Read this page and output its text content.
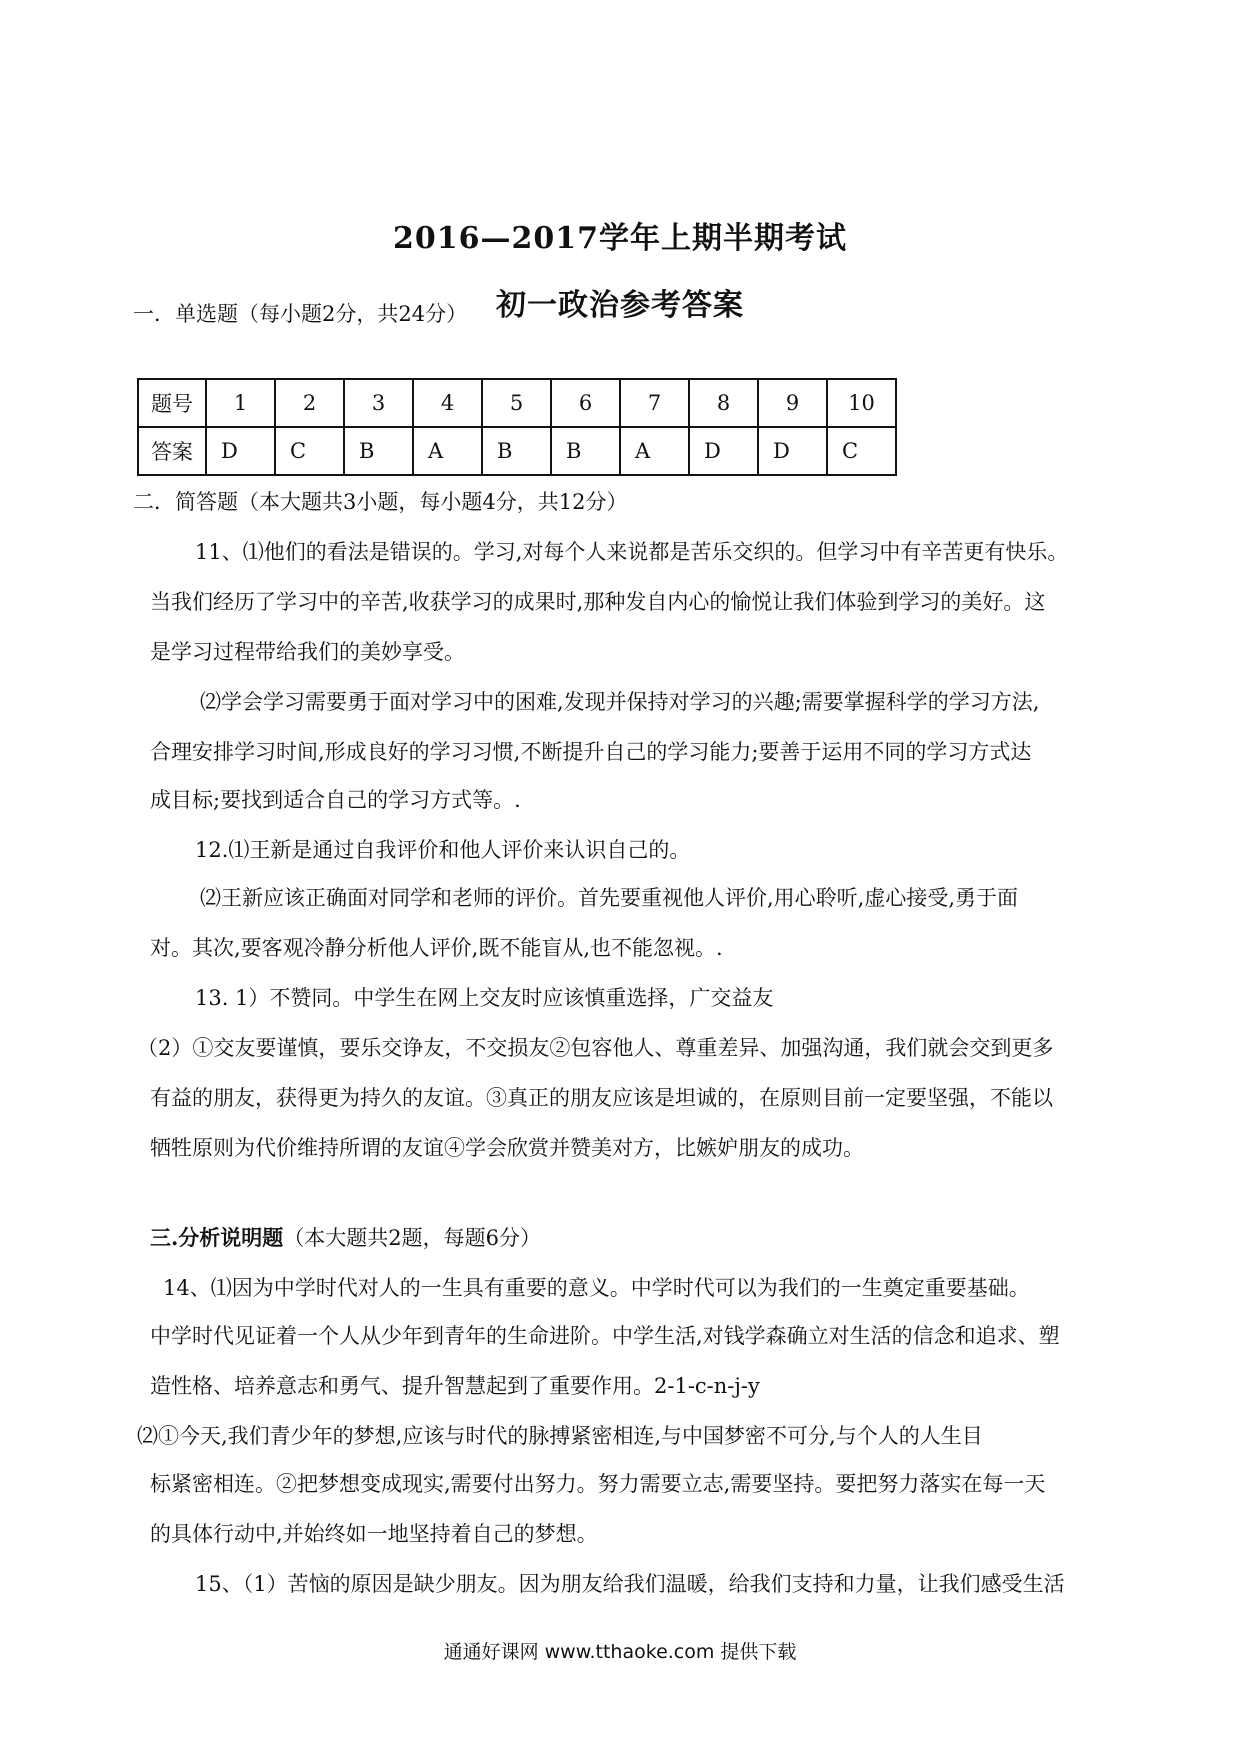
2016—2017学年上期半期考试
初一政治参考答案
一．单选题（每小题2分，共24分）
题号	1	2	3	4	5	6	7	8	9	10
答案	D	C	B	A	B	B	A	D	D	C
二．简答题（本大题共3小题，每小题4分，共12分）
11、⑴他们的看法是错误的。学习,对每个人来说都是苦乐交织的。但学习中有辛苦更有快乐。
当我们经历了学习中的辛苦,收获学习的成果时,那种发自内心的愉悦让我们体验到学习的美好。这
是学习过程带给我们的美妙享受。
⑵学会学习需要勇于面对学习中的困难,发现并保持对学习的兴趣;需要掌握科学的学习方法,
合理安排学习时间,形成良好的学习习惯,不断提升自己的学习能力;要善于运用不同的学习方式达
成目标;要找到适合自己的学习方式等。.
12.⑴王新是通过自我评价和他人评价来认识自己的。
⑵王新应该正确面对同学和老师的评价。首先要重视他人评价,用心聆听,虚心接受,勇于面
对。其次,要客观冷静分析他人评价,既不能盲从,也不能忽视。.
13. 1）不赞同。中学生在网上交友时应该慎重选择，广交益友
（2）①交友要谨慎，要乐交诤友，不交损友②包容他人、尊重差异、加强沟通，我们就会交到更多
有益的朋友，获得更为持久的友谊。③真正的朋友应该是坦诚的，在原则目前一定要坚强，不能以
牺牲原则为代价维持所谓的友谊④学会欣赏并赞美对方，比嫉妒朋友的成功。
三.分析说明题（本大题共2题，每题6分）
14、⑴因为中学时代对人的一生具有重要的意义。中学时代可以为我们的一生奠定重要基础。
中学时代见证着一个人从少年到青年的生命进阶。中学生活,对钱学森确立对生活的信念和追求、塑
造性格、培养意志和勇气、提升智慧起到了重要作用。2-1-c-n-j-y
⑵①今天,我们青少年的梦想,应该与时代的脉搏紧密相连,与中国梦密不可分,与个人的人生目
标紧密相连。②把梦想变成现实,需要付出努力。努力需要立志,需要坚持。要把努力落实在每一天
的具体行动中,并始终如一地坚持着自己的梦想。
15、（1）苦恼的原因是缺少朋友。因为朋友给我们温暖，给我们支持和力量，让我们感受生活
通通好课网 www.tthaoke.com 提供下载
